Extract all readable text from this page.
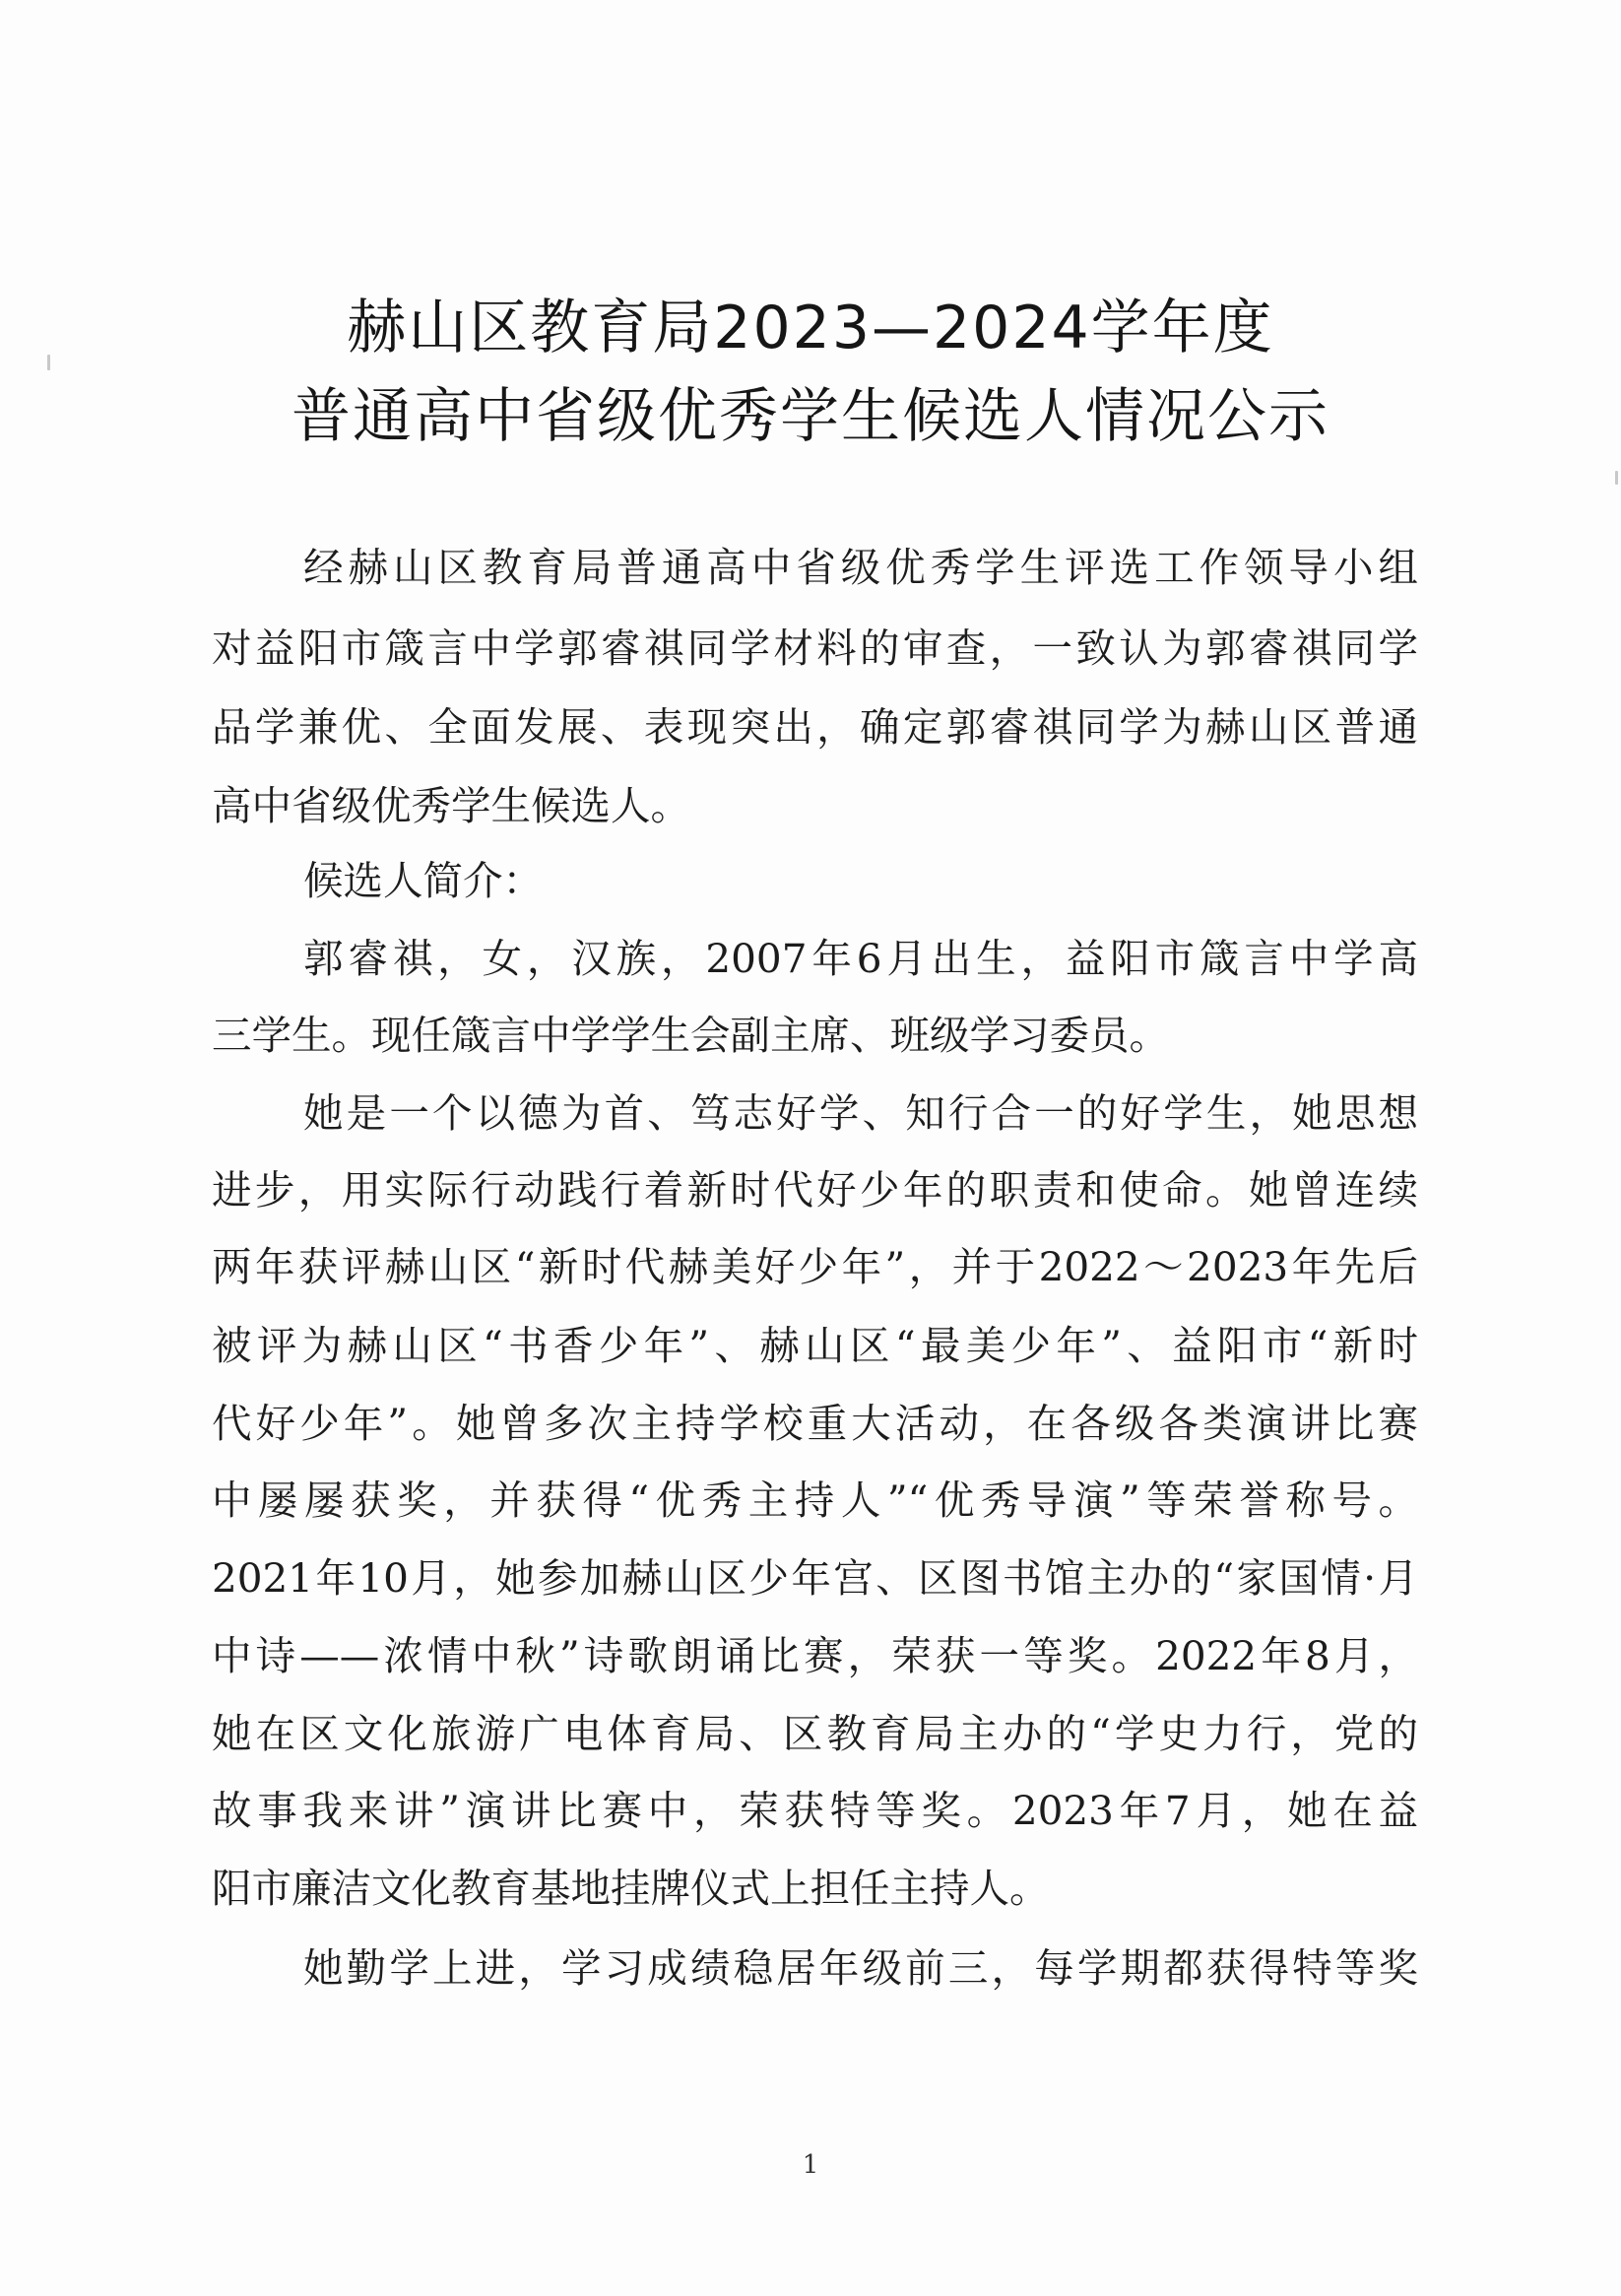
赫山区教育局2023—2024学年度
普通高中省级优秀学生候选人情况公示
经赫山区教育局普通高中省级优秀学生评选工作领导小组
对益阳市箴言中学郭睿祺同学材料的审查，一致认为郭睿祺同学
品学兼优、全面发展、表现突出，确定郭睿祺同学为赫山区普通
高中省级优秀学生候选人。
候选人简介：
郭睿祺，女，汉族，2007年6月出生，益阳市箴言中学高
三学生。现任箴言中学学生会副主席、班级学习委员。
她是一个以德为首、笃志好学、知行合一的好学生，她思想
进步，用实际行动践行着新时代好少年的职责和使命。她曾连续
两年获评赫山区“新时代赫美好少年”，并于2022～2023年先后
被评为赫山区“书香少年”、赫山区“最美少年”、益阳市“新时
代好少年”。她曾多次主持学校重大活动，在各级各类演讲比赛
中屡屡获奖，并获得“优秀主持人”“优秀导演”等荣誉称号。
2021年10月，她参加赫山区少年宫、区图书馆主办的“家国情·月
中诗——浓情中秋”诗歌朗诵比赛，荣获一等奖。2022年8月，
她在区文化旅游广电体育局、区教育局主办的“学史力行，党的
故事我来讲”演讲比赛中，荣获特等奖。2023年7月，她在益
阳市廉洁文化教育基地挂牌仪式上担任主持人。
她勤学上进，学习成绩稳居年级前三，每学期都获得特等奖
1
